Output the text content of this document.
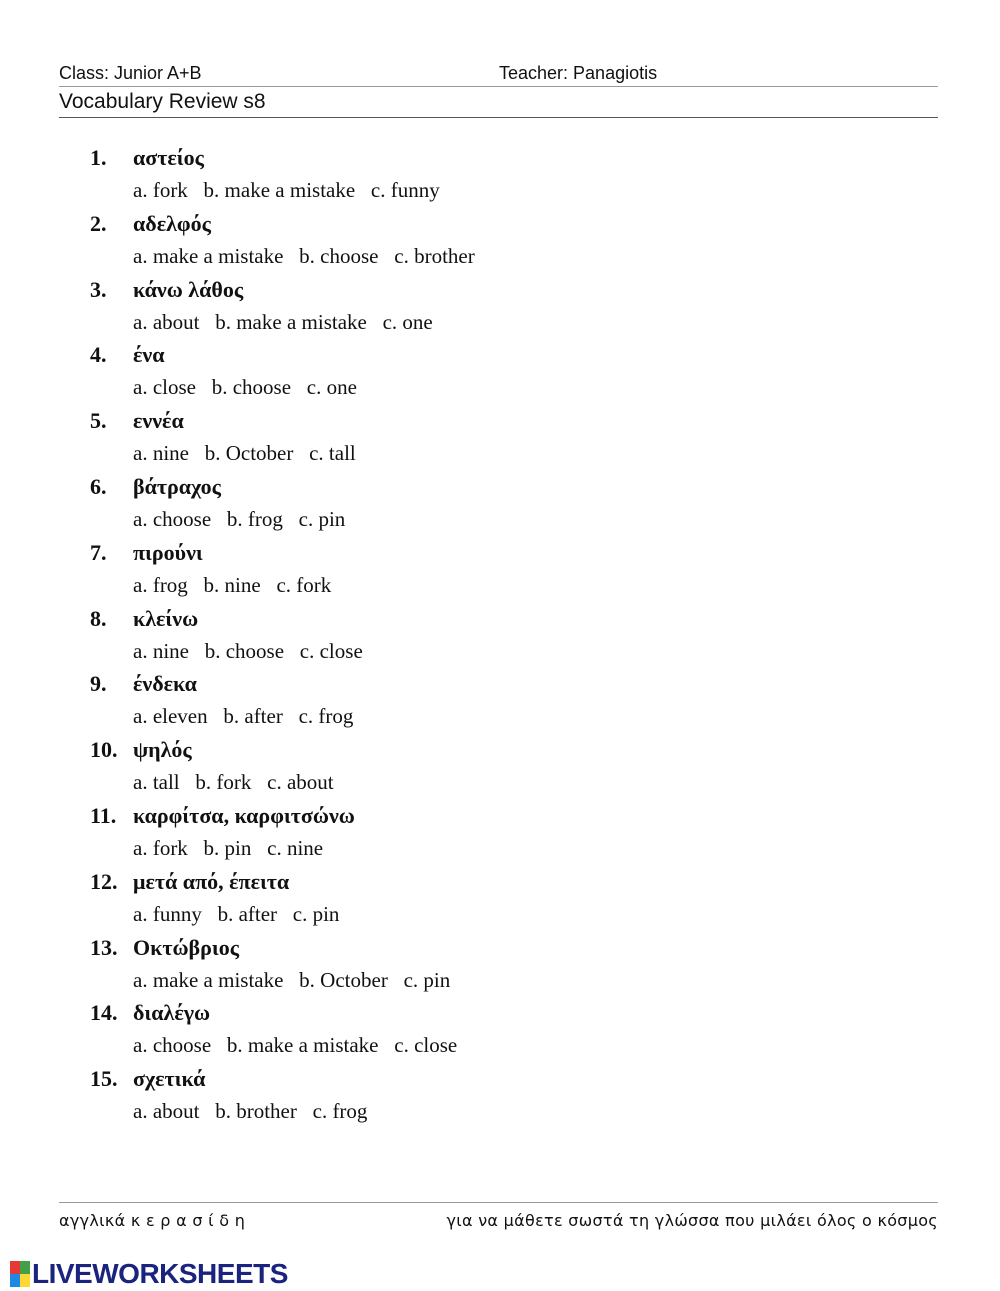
Class: Junior A+B	Teacher: Panagiotis
Vocabulary Review s8
1.	αστείος
a. fork   b. make a mistake   c. funny
2.	αδελφός
a. make a mistake   b. choose   c. brother
3.	κάνω λάθος
a. about   b. make a mistake   c. one
4.	ένα
a. close   b. choose   c. one
5.	εννέα
a. nine   b. October   c. tall
6.	βάτραχος
a. choose   b. frog   c. pin
7.	πιρούνι
a. frog   b. nine   c. fork
8.	κλείνω
a. nine   b. choose   c. close
9.	ένδεκα
a. eleven   b. after   c. frog
10. ψηλός
a. tall   b. fork   c. about
11. καρφίτσα, καρφιτσώνω
a. fork   b. pin   c. nine
12. μετά από, έπειτα
a. funny   b. after   c. pin
13. Οκτώβριος
a. make a mistake   b. October   c. pin
14. διαλέγω
a. choose   b. make a mistake   c. close
15. σχετικά
a. about   b. brother   c. frog
αγγλικά κ ε ρ α σ ί δ η	για να μάθετε σωστά τη γλώσσα που μιλάει όλος ο κόσμος
LIVEWORKSHEETS
